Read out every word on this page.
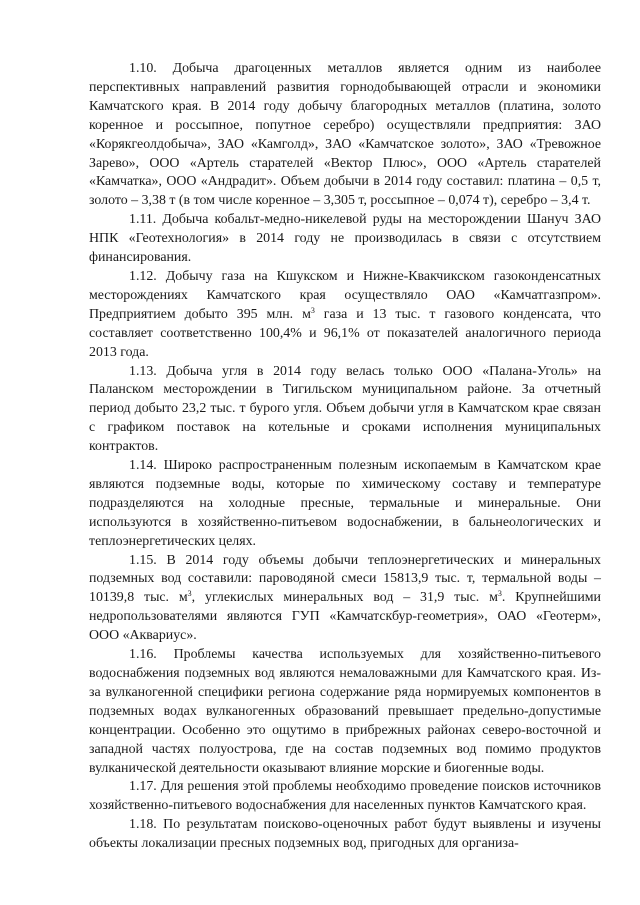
1.10. Добыча драгоценных металлов является одним из наиболее перспективных направлений развития горнодобывающей отрасли и экономики Камчатского края. В 2014 году добычу благородных металлов (платина, золото коренное и россыпное, попутное серебро) осуществляли предприятия: ЗАО «Корякгеолдобыча», ЗАО «Камголд», ЗАО «Камчатское золото», ЗАО «Тревожное Зарево», ООО «Артель старателей «Вектор Плюс», ООО «Артель старателей «Камчатка», ООО «Андрадит». Объем добычи в 2014 году составил: платина – 0,5 т, золото – 3,38 т (в том числе коренное – 3,305 т, россыпное – 0,074 т), серебро – 3,4 т.

1.11. Добыча кобальт-медно-никелевой руды на месторождении Шануч ЗАО НПК «Геотехнология» в 2014 году не производилась в связи с отсутствием финансирования.

1.12. Добычу газа на Кшукском и Нижне-Квакчикском газоконденсатных месторождениях Камчатского края осуществляло ОАО «Камчатгазпром». Предприятием добыто 395 млн. $м^3$ газа и 13 тыс. т газового конденсата, что составляет соответственно 100,4% и 96,1% от показателей аналогичного периода 2013 года.

1.13. Добыча угля в 2014 году велась только ООО «Палана-Уголь» на Паланском месторождении в Тигильском муниципальном районе. За отчетный период добыто 23,2 тыс. т бурого угля. Объем добычи угля в Камчатском крае связан с графиком поставок на котельные и сроками исполнения муниципальных контрактов.

1.14. Широко распространенным полезным ископаемым в Камчатском крае являются подземные воды, которые по химическому составу и температуре подразделяются на холодные пресные, термальные и минеральные. Они используются в хозяйственно-питьевом водоснабжении, в бальнеологических и теплоэнергетических целях.

1.15. В 2014 году объемы добычи теплоэнергетических и минеральных подземных вод составили: пароводяной смеси 15813,9 тыс. т, термальной воды – 10139,8 тыс. $м^3$, углекислых минеральных вод – 31,9 тыс. $м^3$. Крупнейшими недропользователями являются ГУП «Камчатскбур-геометрия», ОАО «Геотерм», ООО «Аквариус».

1.16. Проблемы качества используемых для хозяйственно-питьевого водоснабжения подземных вод являются немаловажными для Камчатского края. Из-за вулканогенной специфики региона содержание ряда нормируемых компонентов в подземных водах вулканогенных образований превышает предельно-допустимые концентрации. Особенно это ощутимо в прибрежных районах северо-восточной и западной частях полуострова, где на состав подземных вод помимо продуктов вулканической деятельности оказывают влияние морские и биогенные воды.

1.17. Для решения этой проблемы необходимо проведение поисков источников хозяйственно-питьевого водоснабжения для населенных пунктов Камчатского края.

1.18. По результатам поисково-оценочных работ будут выявлены и изучены объекты локализации пресных подземных вод, пригодных для организа-
